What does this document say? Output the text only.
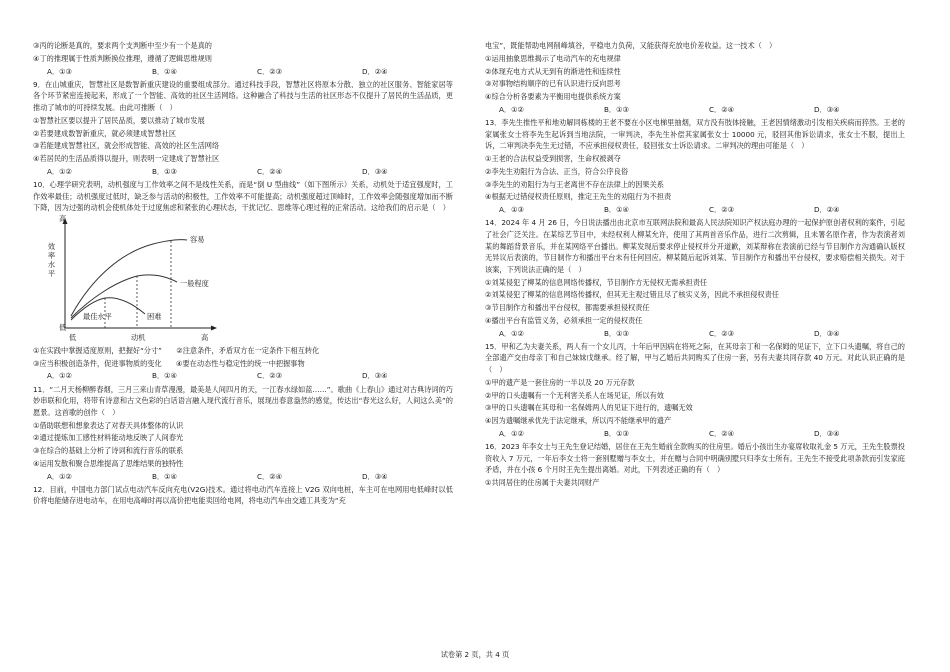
③丙的论断是真的，要求两个支判断中至少有一个是真的

④丁的推理属于性质判断换位推理，遵循了逻辑思维规则

A．①③	B．①④	C．②③	D．②④

9．在山城重庆，智慧社区是数智新重庆建设的重要组成部分。通过科技手段，智慧社区将原本分散、独立的社区服务、智能家居等各个环节紧密连接起来，形成了一个智能、高效的社区生活网络。这种融合了科技与生活的社区形态不仅提升了居民的生活品质，更推动了城市的可持续发展。由此可推断（　）

①智慧社区要以提升了居民品质，要以推动了城市发展

②若要建成数智新重庆，就必须建成智慧社区

③若能建成智慧社区，就会形成智能、高效的社区生活网络

④若居民的生活品质得以提升，则表明一定建成了智慧社区

A．①②	B．①③	C．②④	D．③④

10．心理学研究表明，动机强度与工作效率之间不是线性关系，而是“倒 U 型曲线”（如下图所示）关系，动机处于适宜强度时，工作效率最佳；动机强度过低时，缺乏参与活动的积极性，工作效率不可能提高；动机强度超过顶峰时，工作效率会随强度增加而不断下降，因为过强的动机会使机体处于过度焦虑和紧张的心理状态，干扰记忆、思维等心理过程的正常活动。这给我们的启示是（　）

高
效率水平
低
低	动机	高
容易
一般程度
困难
最佳水平

①在实践中掌握适度原则，把握好“分寸”　　②注意条件，矛盾双方在一定条件下相互转化

③应当积极创造条件，促进事物质的变化　　④要在动态性与稳定性的统一中把握事物

A．①②	B．①④	C．②③	D．③④

11．“二月天杨柳醉春烟，三月三来山青草漫漫，最美是人间四月的天，一江春水绿如蓝……”。歌曲《上春山》通过对古典诗词的巧妙串联和化用，将带有诗意和古文色彩的白话语言融入现代流行音乐，展现出春意盎然的感觉，传达出“春光这么好，人间这么美”的愿景。这首歌的创作（　）

①借助联想和想象表达了对春天具体整体的认识

②通过提炼加工感性材料能动地反映了人间春光

③在综合的基础上分析了诗词和流行音乐的联系

④运用发散和聚合思维提高了思维结果的独特性

A．①②	B．①④	C．②④	D．③④

12．目前，中国电力部门试点电动汽车反向充电(V2G)技术。通过将电动汽车连接上 V2G 双向电桩，车主可在电网用电低峰时以低价将电能储存进电动车，在用电高峰时再以高价把电能卖回给电网，将电动汽车由交通工具变为“充

电宝”，既能帮助电网削峰填谷，平稳电力负荷，又能获得充放电价差收益。这一技术（　）

①运用抽象思维揭示了电动汽车的充电规律

②体现充电方式从无到有的渐进性和连续性

③对事物结构顺序的已有认识进行反向思考

④综合分析各要素为平衡用电提供系统方案

A．①②	B．①③	C．②④	D．③④

13．李先生推性平和地劝解同栋楼的王老不要在小区电梯里抽烟，双方没有肢体接触，王老因情绪激动引发相关疾病而猝然。王老的家属张女士将李先生起诉到当地法院，一审判决，李先生补偿其家属张女士 10000 元，驳回其他诉讼请求，张女士不服，提出上诉，二审判决李先生无过错，不应承担侵权责任，驳回张女士诉讼请求。二审判决的理由可能是（　）

①王老的合法权益受到损害，生命权被剥夺

②李先生劝阻行为合法、正当，符合公序良俗

③李先生的劝阻行为与王老离世不存在法律上的因果关系

④根据无过错侵权责任原则，推定王先生的劝阻行为不担责

A．①③	B．①④	C．②③	D．②④

14．2024 年 4 月 26 日，今日说法播出由北京市互联网法院和最高人民法院知识产权法庭办理的一起保护原创者权利的案件，引起了社会广泛关注。在某综艺节目中，未经权利人柳某允许，使用了其两首音乐作品，进行二次剪辑，且未署名原作者，作为表演者刘某的舞蹈背景音乐，并在某网络平台播出。柳某发现后要求停止侵权并分开道歉，刘某辩称在表演前已经与节目制作方沟通确认版权无异议后表演的，节目制作方和播出平台未有任何回应。柳某随后起诉刘某、节目制作方和播出平台侵权，要求赔偿相关损失。对于该案，下列说法正确的是（　）

①刘某侵犯了柳某的信息网络传播权，节目制作方无侵权无需承担责任

②刘某侵犯了柳某的信息网络传播权，但其无主观过错且尽了核实义务，因此不承担侵权责任

③节目制作方和播出平台侵权，都需要承担侵权责任

④播出平台有监管义务，必须承担一定的侵权责任

A．①②	B．①③	C．②③	D．③④

15．甲和乙为夫妻关系，两人有一个女儿丙，十年后甲因病在将死之际，在其母亲丁和一名保姆的见证下，立下口头遗嘱，将自己的全部遗产交由母亲丁和自己妹妹戊继承。经了解，甲与乙婚后共同购买了住房一套，另有夫妻共同存款 40 万元。对此认识正确的是（　）

①甲的遗产是一套住房的一半以及 20 万元存款

②甲的口头遗嘱有一个无利害关系人在场见证，所以有效

③甲的口头遗嘱在其母和一名保姆两人的见证下进行的，遗嘱无效

④因为遗嘱继承优先于法定继承，所以丙不能继承甲的遗产

A．①②	B．①③	C．②④	D．③④

16．2023 年李女士与王先生登记结婚，居住在王先生婚前全款购买的住房里。婚后小孩出生办宴席收取礼金 5 万元，王先生股票投资收入 7 万元，一年后李女士将一套别墅赠与李女士，并在赠与合同中明确别墅只归李女士所有。王先生不接受此项条款而引发家庭矛盾，并在小孩 6 个月时王先生提出离婚。对此，下列表述正确的有（　）

①共同居住的住房属于夫妻共同财产

试卷第 2 页，共 4 页
